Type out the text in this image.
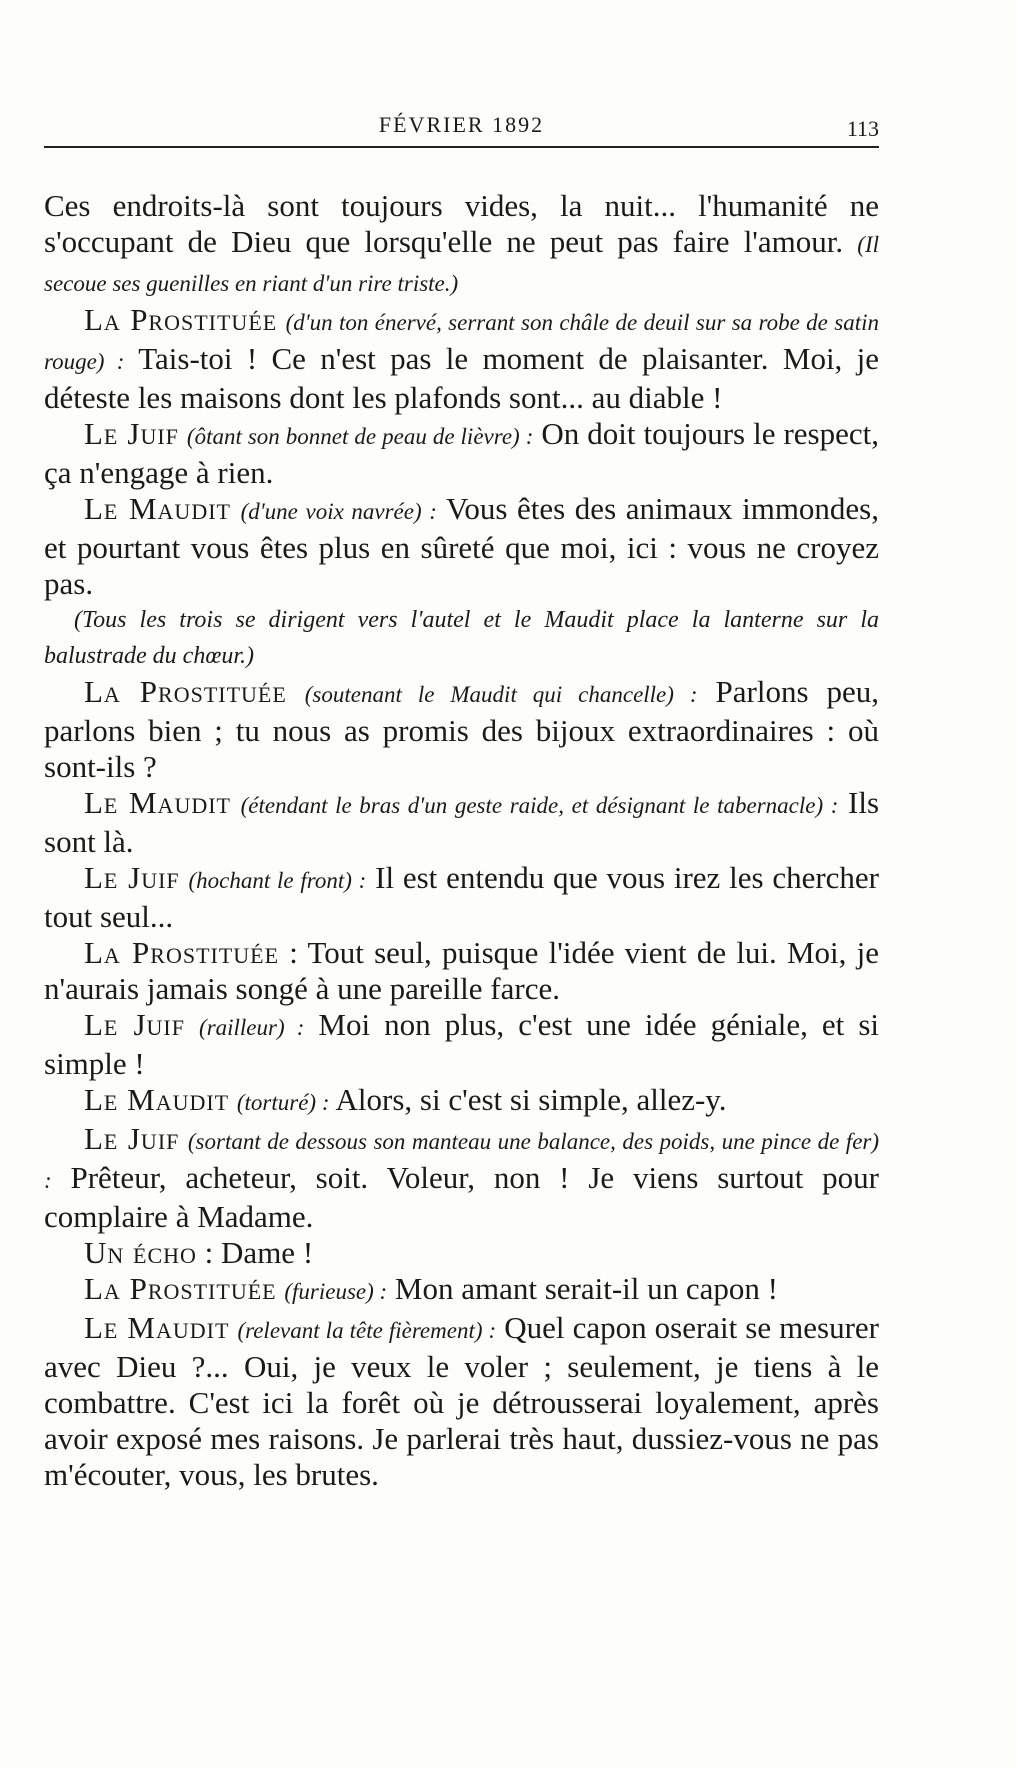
FÉVRIER 1892	113

Ces endroits-là sont toujours vides, la nuit... l'humanité ne s'occupant de Dieu que lorsqu'elle ne peut pas faire l'amour. (Il secoue ses guenilles en riant d'un rire triste.)

La Prostituée (d'un ton énervé, serrant son châle de deuil sur sa robe de satin rouge) : Tais-toi ! Ce n'est pas le moment de plaisanter. Moi, je déteste les maisons dont les plafonds sont... au diable !

Le Juif (ôtant son bonnet de peau de lièvre) : On doit toujours le respect, ça n'engage à rien.

Le Maudit (d'une voix navrée) : Vous êtes des animaux immondes, et pourtant vous êtes plus en sûreté que moi, ici : vous ne croyez pas.

(Tous les trois se dirigent vers l'autel et le Maudit place la lanterne sur la balustrade du chœur.)

La Prostituée (soutenant le Maudit qui chancelle) : Parlons peu, parlons bien ; tu nous as promis des bijoux extraordinaires : où sont-ils ?

Le Maudit (étendant le bras d'un geste raide, et désignant le tabernacle) : Ils sont là.

Le Juif (hochant le front) : Il est entendu que vous irez les chercher tout seul...

La Prostituée : Tout seul, puisque l'idée vient de lui. Moi, je n'aurais jamais songé à une pareille farce.

Le Juif (railleur) : Moi non plus, c'est une idée géniale, et si simple !

Le Maudit (torturé) : Alors, si c'est si simple, allez-y.

Le Juif (sortant de dessous son manteau une balance, des poids, une pince de fer) : Prêteur, acheteur, soit. Voleur, non ! Je viens surtout pour complaire à Madame.

Un écho : Dame !

La Prostituée (furieuse) : Mon amant serait-il un capon !

Le Maudit (relevant la tête fièrement) : Quel capon oserait se mesurer avec Dieu ?... Oui, je veux le voler ; seulement, je tiens à le combattre. C'est ici la forêt où je détrousserai loyalement, après avoir exposé mes raisons. Je parlerai très haut, dussiez-vous ne pas m'écouter, vous, les brutes.
